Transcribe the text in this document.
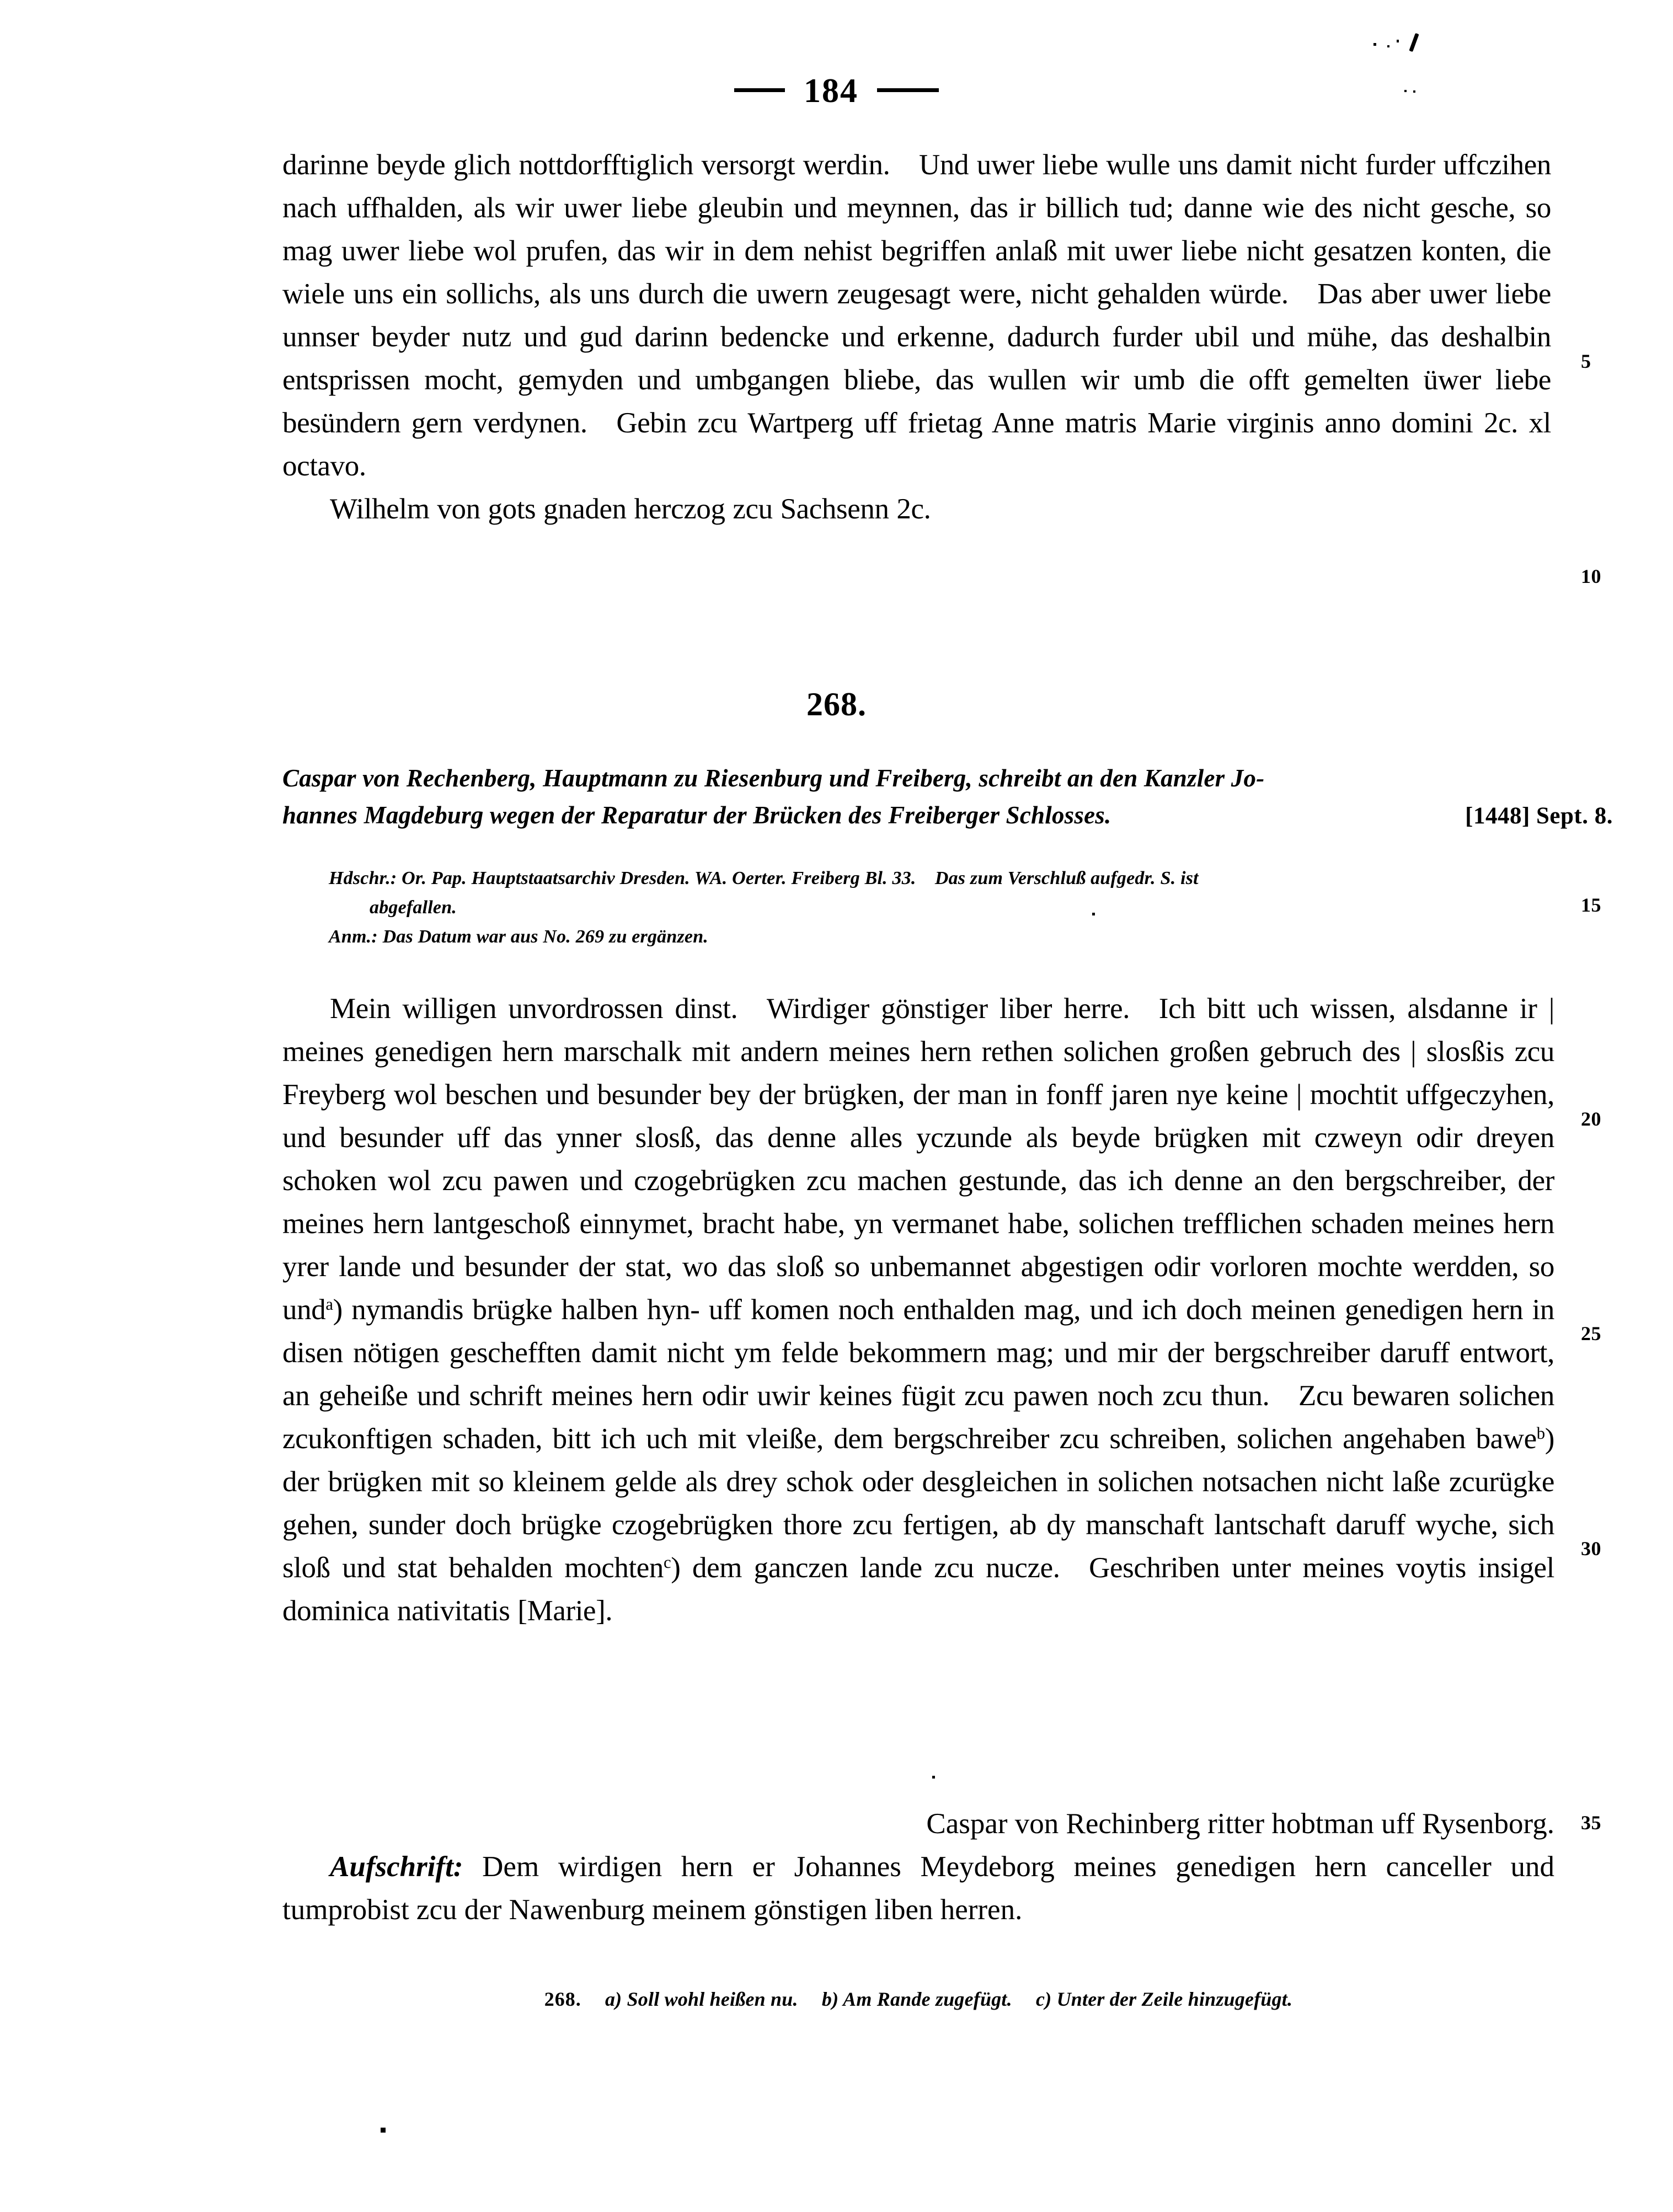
184

darinne beyde glich nottdorfftiglich versorgt werdin. Und uwer liebe wulle uns damit nicht furder uffczihen nach uffhalden, als wir uwer liebe gleubin und meynnen, das ir billich tud; danne wie des nicht gesche, so mag uwer liebe wol prufen, das wir in dem nehist begriffen anlaß mit uwer liebe nicht gesatzen konten, die wiele uns ein sollichs, als uns durch die uwern zeugesagt were, nicht gehalden würde. Das aber uwer liebe unnser beyder nutz und gud darinn bedencke und erkenne, dadurch furder ubil und mühe, das deshalbin entsprissen mocht, gemyden und umbgangen bliebe, das wullen wir umb die offt gemelten üwer liebe besündern gern verdynen. Gebin zcu Wartperg uff frietag Anne matris Marie virginis anno domini 2c. xl octavo.

Wilhelm von gots gnaden herczog zcu Sachsenn 2c.

5
10
268.
Caspar von Rechenberg, Hauptmann zu Riesenburg und Freiberg, schreibt an den Kanzler Jo-
hannes Magdeburg wegen der Reparatur der Brücken des Freiberger Schlosses.	[1448] Sept. 8.
Hdschr.: Or. Pap. Hauptstaatsarchiv Dresden. WA. Oerter. Freiberg Bl. 33. Das zum Verschluß aufgedr. S. ist
abgefallen.
Anm.: Das Datum war aus No. 269 zu ergänzen.
15

Mein willigen unvordrossen dinst. Wirdiger gönstiger liber herre. Ich bitt uch wissen, alsdanne ir | meines genedigen hern marschalk mit andern meines hern rethen solichen großen gebruch des | slosßis zcu Freyberg wol beschen und besunder bey der brügken, der man in fonff jaren nye keine | mochtit uffgeczyhen, und besunder uff das ynner slosß, das denne alles yczunde als beyde brügken mit czweyn odir dreyen schoken wol zcu pawen und czogebrügken zcu machen gestunde, das ich denne an den bergschreiber, der meines hern lantgeschoß einnymet, bracht habe, yn vermanet habe, solichen trefflichen schaden meines hern yrer lande und besunder der stat, wo das sloß so unbemannet abgestigen odir vorloren mochte werdden, so und$^a$) nymandis brügke halben hyn- uff komen noch enthalden mag, und ich doch meinen genedigen hern in disen nötigen geschefften damit nicht ym felde bekommern mag; und mir der bergschreiber daruff entwort, an geheiße und schrift meines hern odir uwir keines fügit zcu pawen noch zcu thun. Zcu bewaren solichen zcukonftigen schaden, bitt ich uch mit vleiße, dem bergschreiber zcu schreiben, solichen angehaben bawe$^b$) der brügken mit so kleinem gelde als drey schok oder desgleichen in solichen notsachen nicht laße zcurügke gehen, sunder doch brügke czogebrügken thore zcu fertigen, ab dy manschaft lantschaft daruff wyche, sich sloß und stat behalden mochten$^c$) dem ganczen lande zcu nucze. Geschriben unter meines voytis insigel dominica nativitatis [Marie].

20
25
30
Caspar von Rechinberg ritter hobtman uff Rysenborg. 35
Aufschrift: Dem wirdigen hern er Johannes Meydeborg meines genedigen hern canceller und tumprobist zcu der Nawenburg meinem gönstigen liben herren.
268. a) Soll wohl heißen nu. b) Am Rande zugefügt. c) Unter der Zeile hinzugefügt.
